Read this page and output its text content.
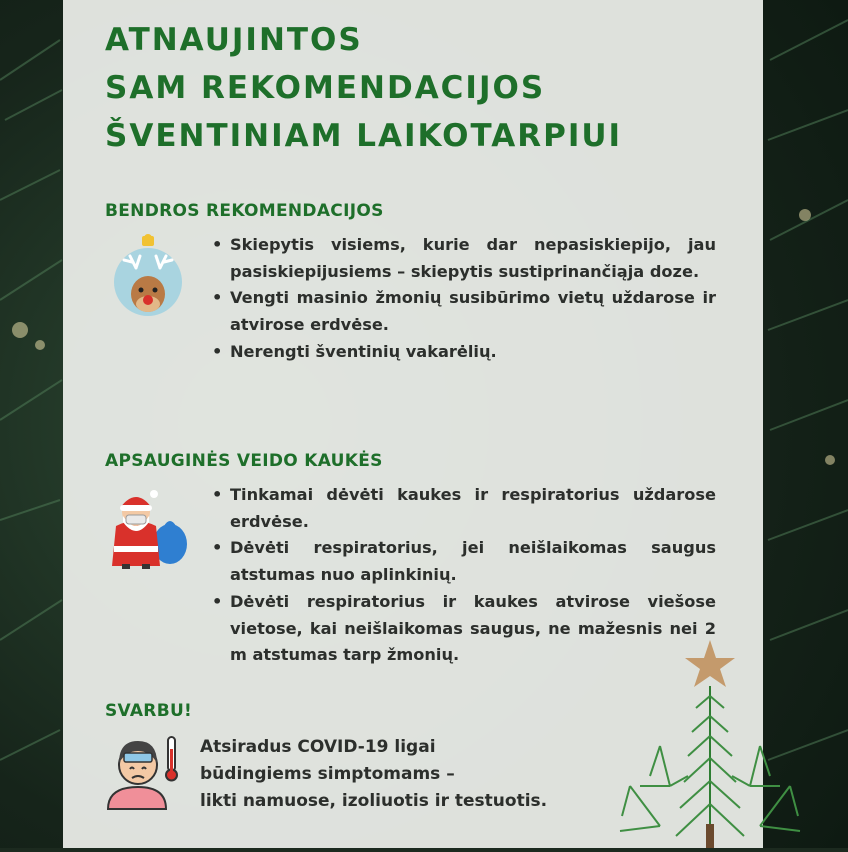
ATNAUJINTOS
SAM REKOMENDACIJOS
ŠVENTINIAM LAIKOTARPIUI
BENDROS REKOMENDACIJOS
• Skiepytis visiems, kurie dar nepasiskiepijo, jau pasiskiepijusiems – skiepytis sustiprinančiąja doze.
• Vengti masinio žmonių susibūrimo vietų uždarose ir atvirose erdvėse.
• Nerengti šventinių vakarėlių.
APSAUGINĖS VEIDO KAUKĖS
• Tinkamai dėvėti kaukes ir respiratorius uždarose erdvėse.
• Dėvėti respiratorius, jei neišlaikomas saugus atstumas nuo aplinkinių.
• Dėvėti respiratorius ir kaukes atvirose viešose vietose, kai neišlaikomas saugus, ne mažesnis nei 2 m atstumas tarp žmonių.
SVARBU!
Atsiradus COVID-19 ligai
būdingiems simptomams –
likti namuose, izoliuotis ir testuotis.
